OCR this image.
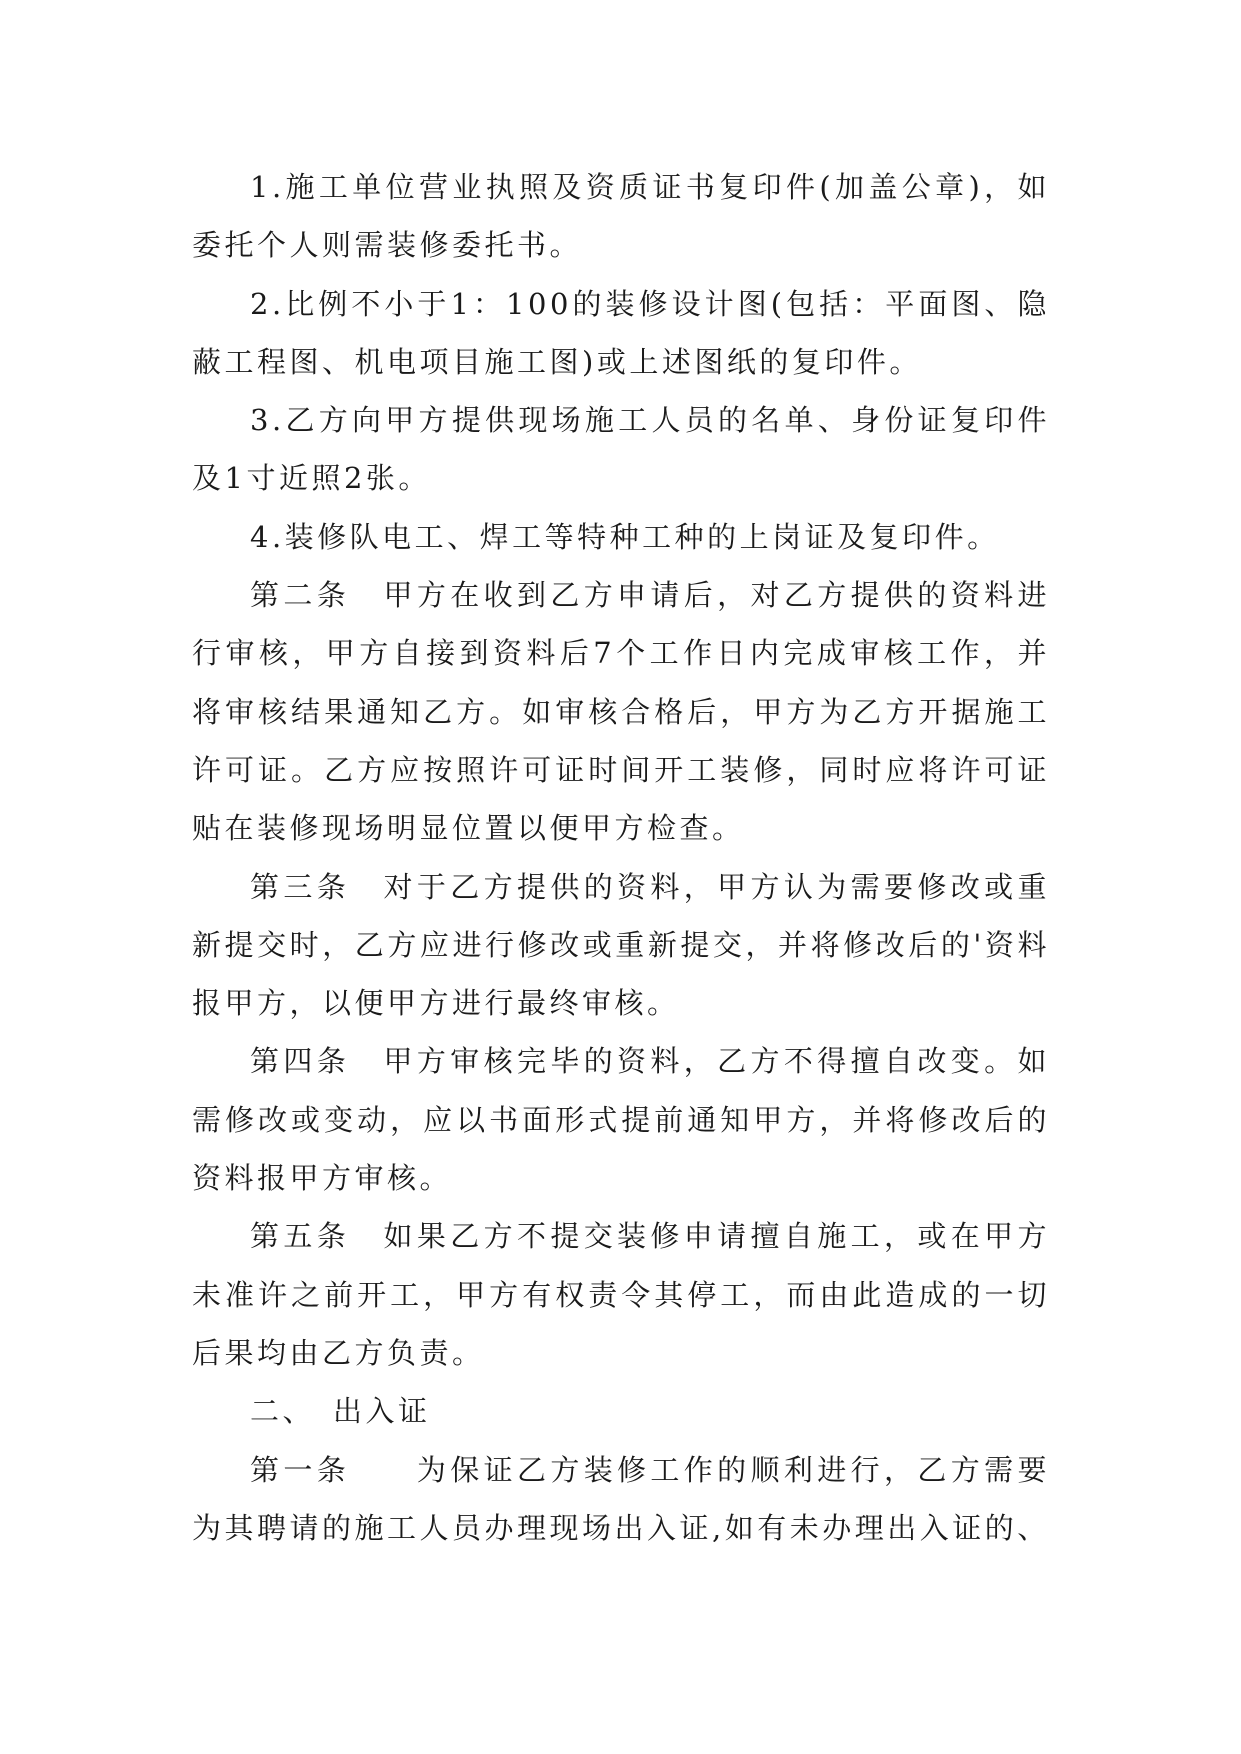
1.施工单位营业执照及资质证书复印件(加盖公章)，如委托个人则需装修委托书。

2.比例不小于1：100的装修设计图(包括：平面图、隐蔽工程图、机电项目施工图)或上述图纸的复印件。

3.乙方向甲方提供现场施工人员的名单、身份证复印件及1寸近照2张。

4.装修队电工、焊工等特种工种的上岗证及复印件。

第二条　甲方在收到乙方申请后，对乙方提供的资料进行审核，甲方自接到资料后7个工作日内完成审核工作，并将审核结果通知乙方。如审核合格后，甲方为乙方开据施工许可证。乙方应按照许可证时间开工装修，同时应将许可证贴在装修现场明显位置以便甲方检查。

第三条　对于乙方提供的资料，甲方认为需要修改或重新提交时，乙方应进行修改或重新提交，并将修改后的'资料报甲方，以便甲方进行最终审核。

第四条　甲方审核完毕的资料，乙方不得擅自改变。如需修改或变动，应以书面形式提前通知甲方，并将修改后的资料报甲方审核。

第五条　如果乙方不提交装修申请擅自施工，或在甲方未准许之前开工，甲方有权责令其停工，而由此造成的一切后果均由乙方负责。

二、　出入证

第一条　　为保证乙方装修工作的顺利进行，乙方需要为其聘请的施工人员办理现场出入证,如有未办理出入证的、
